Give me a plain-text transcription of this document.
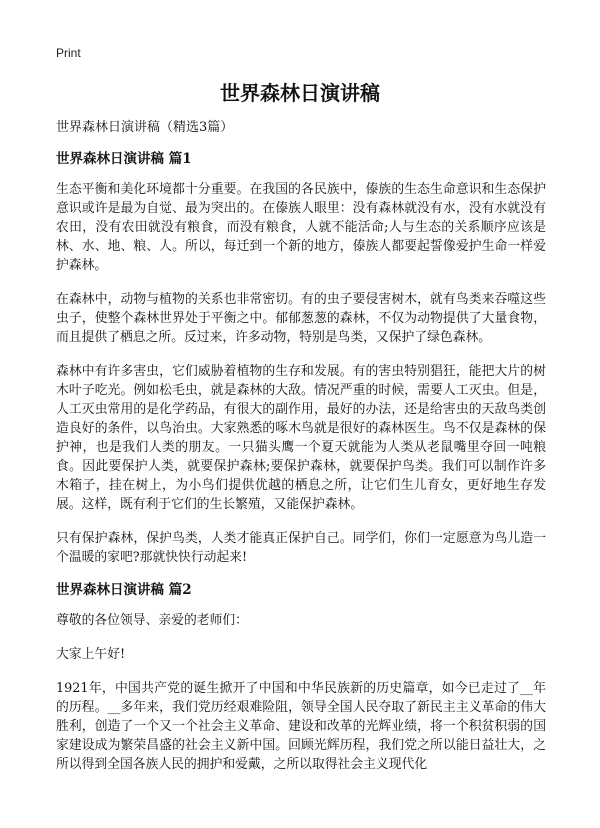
Print
世界森林日演讲稿
世界森林日演讲稿（精选3篇）
世界森林日演讲稿 篇1

生态平衡和美化环境都十分重要。在我国的各民族中，傣族的生态生命意识和生态保护意识或许是最为自觉、最为突出的。在傣族人眼里：没有森林就没有水，没有水就没有农田，没有农田就没有粮食，而没有粮食，人就不能活命;人与生态的关系顺序应该是林、水、地、粮、人。所以，每迁到一个新的地方，傣族人都要起誓像爱护生命一样爱护森林。

在森林中，动物与植物的关系也非常密切。有的虫子要侵害树木，就有鸟类来吞噬这些虫子，使整个森林世界处于平衡之中。郁郁葱葱的森林，不仅为动物提供了大量食物，而且提供了栖息之所。反过来，许多动物，特别是鸟类，又保护了绿色森林。

森林中有许多害虫，它们威胁着植物的生存和发展。有的害虫特别猖狂，能把大片的树木叶子吃光。例如松毛虫，就是森林的大敌。情况严重的时候，需要人工灭虫。但是，人工灭虫常用的是化学药品，有很大的副作用，最好的办法，还是给害虫的天敌鸟类创造良好的条件，以鸟治虫。大家熟悉的啄木鸟就是很好的森林医生。鸟不仅是森林的保护神，也是我们人类的朋友。一只猫头鹰一个夏天就能为人类从老鼠嘴里夺回一吨粮食。因此要保护人类，就要保护森林;要保护森林，就要保护鸟类。我们可以制作许多木箱子，挂在树上，为小鸟们提供优越的栖息之所，让它们生儿育女，更好地生存发展。这样，既有利于它们的生长繁殖，又能保护森林。

只有保护森林，保护鸟类，人类才能真正保护自己。同学们，你们一定愿意为鸟儿造一个温暖的家吧?那就快快行动起来!

世界森林日演讲稿 篇2

尊敬的各位领导、亲爱的老师们：

大家上午好!

1921年，中国共产党的诞生掀开了中国和中华民族新的历史篇章，如今已走过了__年的历程。__多年来，我们党历经艰难险阻，领导全国人民夺取了新民主主义革命的伟大胜利，创造了一个又一个社会主义革命、建设和改革的光辉业绩，将一个积贫积弱的国家建设成为繁荣昌盛的社会主义新中国。回顾光辉历程，我们党之所以能日益壮大，之所以得到全国各族人民的拥护和爱戴，之所以取得社会主义现代化
